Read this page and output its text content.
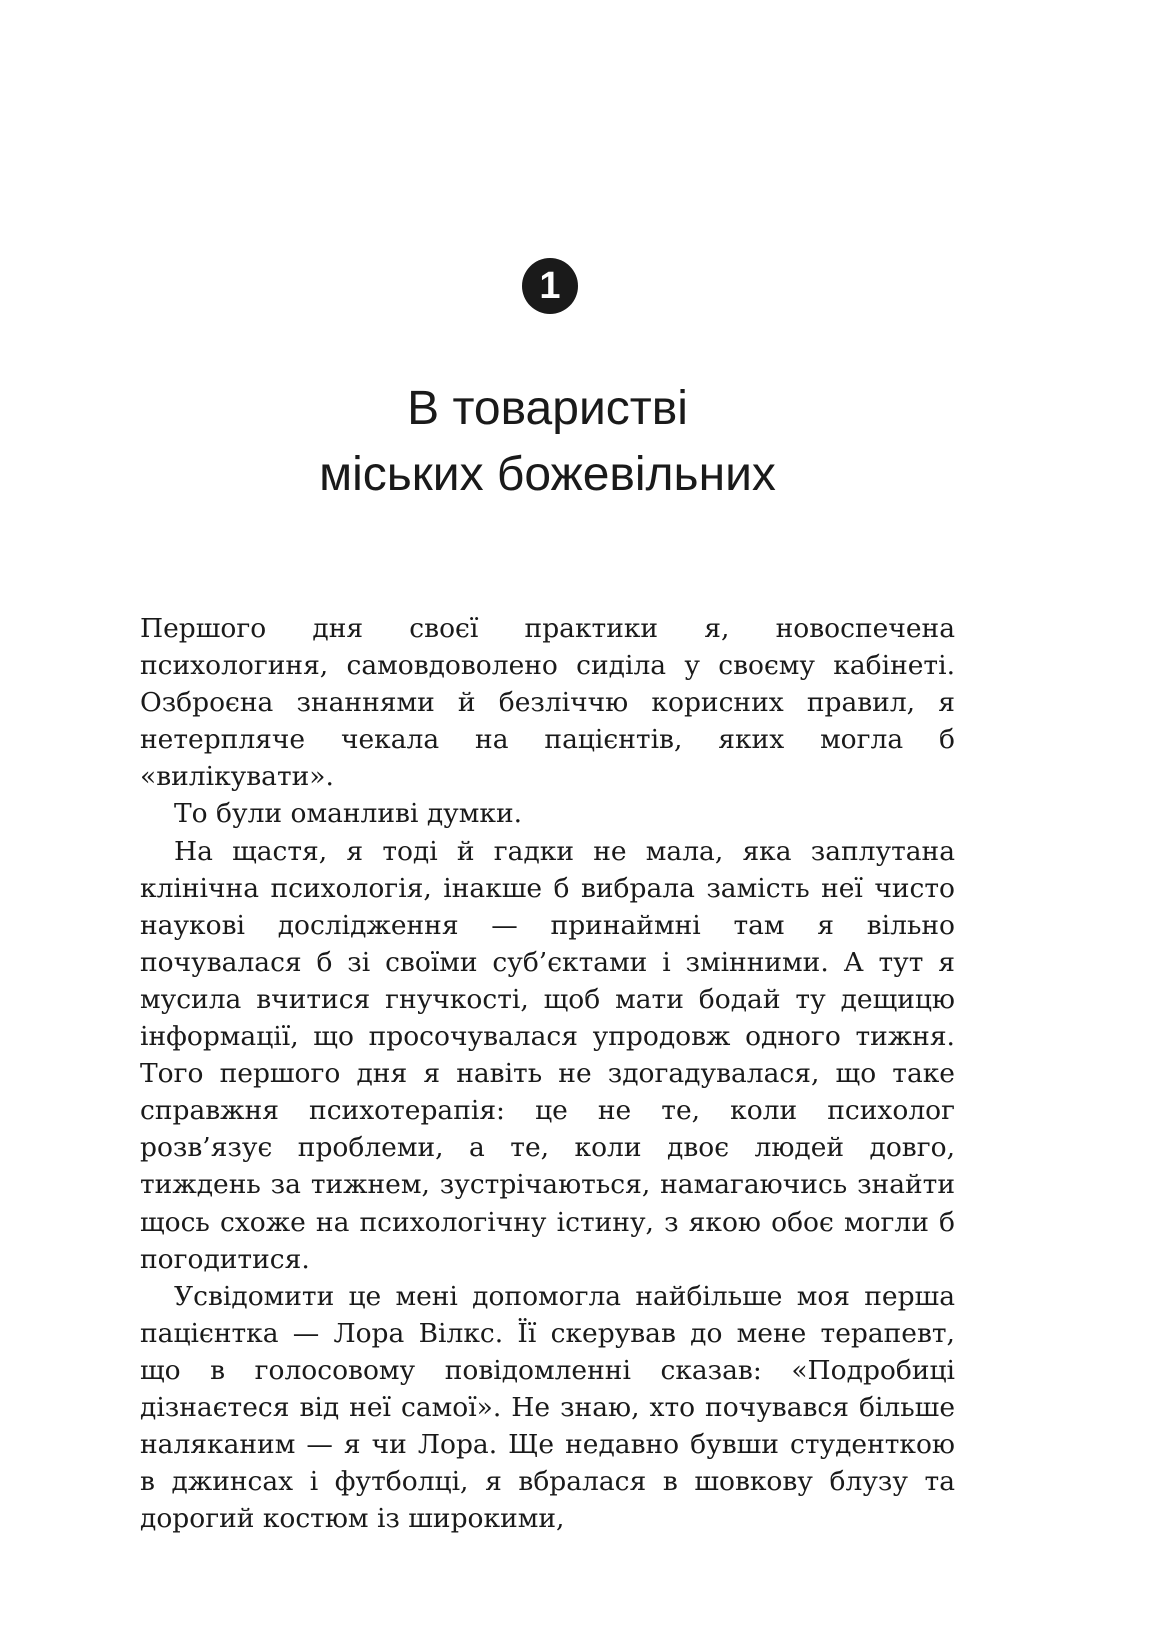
1
В товаристві
міських божевільних

Першого дня своєї практики я, новоспечена психологиня, самовдоволено сиділа у своєму кабінеті. Озброєна знаннями й безліччю корисних правил, я нетерпляче чекала на пацієнтів, яких могла б «вилікувати».

То були оманливі думки.

На щастя, я тоді й гадки не мала, яка заплутана клінічна психологія, інакше б вибрала замість неї чисто наукові дослідження — принаймні там я вільно почувалася б зі своїми суб’єктами і змінними. А тут я мусила вчитися гнучкості, щоб мати бодай ту дещицю інформації, що просочувалася упродовж одного тижня. Того першого дня я навіть не здогадувалася, що таке справжня психотерапія: це не те, коли психолог розв’язує проблеми, а те, коли двоє людей довго, тиждень за тижнем, зустрічаються, намагаючись знайти щось схоже на психологічну істину, з якою обоє могли б погодитися.

Усвідомити це мені допомогла найбільше моя перша пацієнтка — Лора Вілкс. Її скерував до мене терапевт, що в голосовому повідомленні сказав: «Подробиці дізнаєтеся від неї самої». Не знаю, хто почувався більше наляканим — я чи Лора. Ще недавно бувши студенткою в джинсах і футболці, я вбралася в шовкову блузу та дорогий костюм із широкими,
